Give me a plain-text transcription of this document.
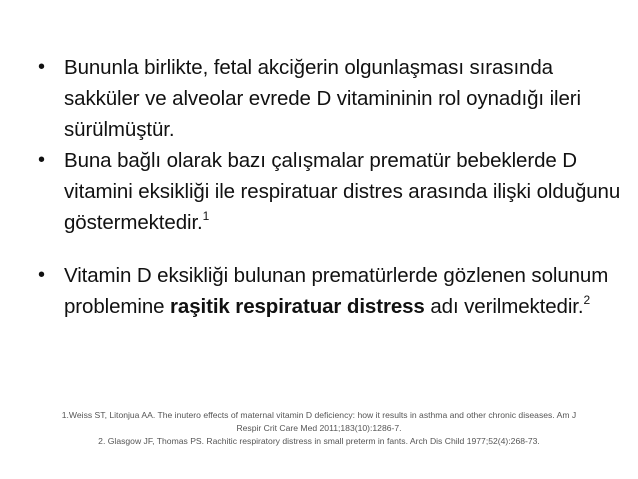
• Bununla birlikte, fetal akciğerin olgunlaşması sırasında sakküler ve alveolar evrede D vitamininin rol oynadığı ileri sürülmüştür.
• Buna bağlı olarak bazı çalışmalar prematür bebeklerde D vitamini eksikliği ile respiratuar distres arasında ilişki olduğunu göstermektedir.$^1$
• Vitamin D eksikliği bulunan prematürlerde gözlenen solunum problemine raşitik respiratuar distress adı verilmektedir.$^2$
1.Weiss ST, Litonjua AA. The inutero effects of maternal vitamin D deficiency: how it results in asthma and other chronic diseases. Am J
Respir Crit Care Med 2011;183(10):1286-7.
2. Glasgow JF, Thomas PS. Rachitic respiratory distress in small preterm in fants. Arch Dis Child 1977;52(4):268-73.
